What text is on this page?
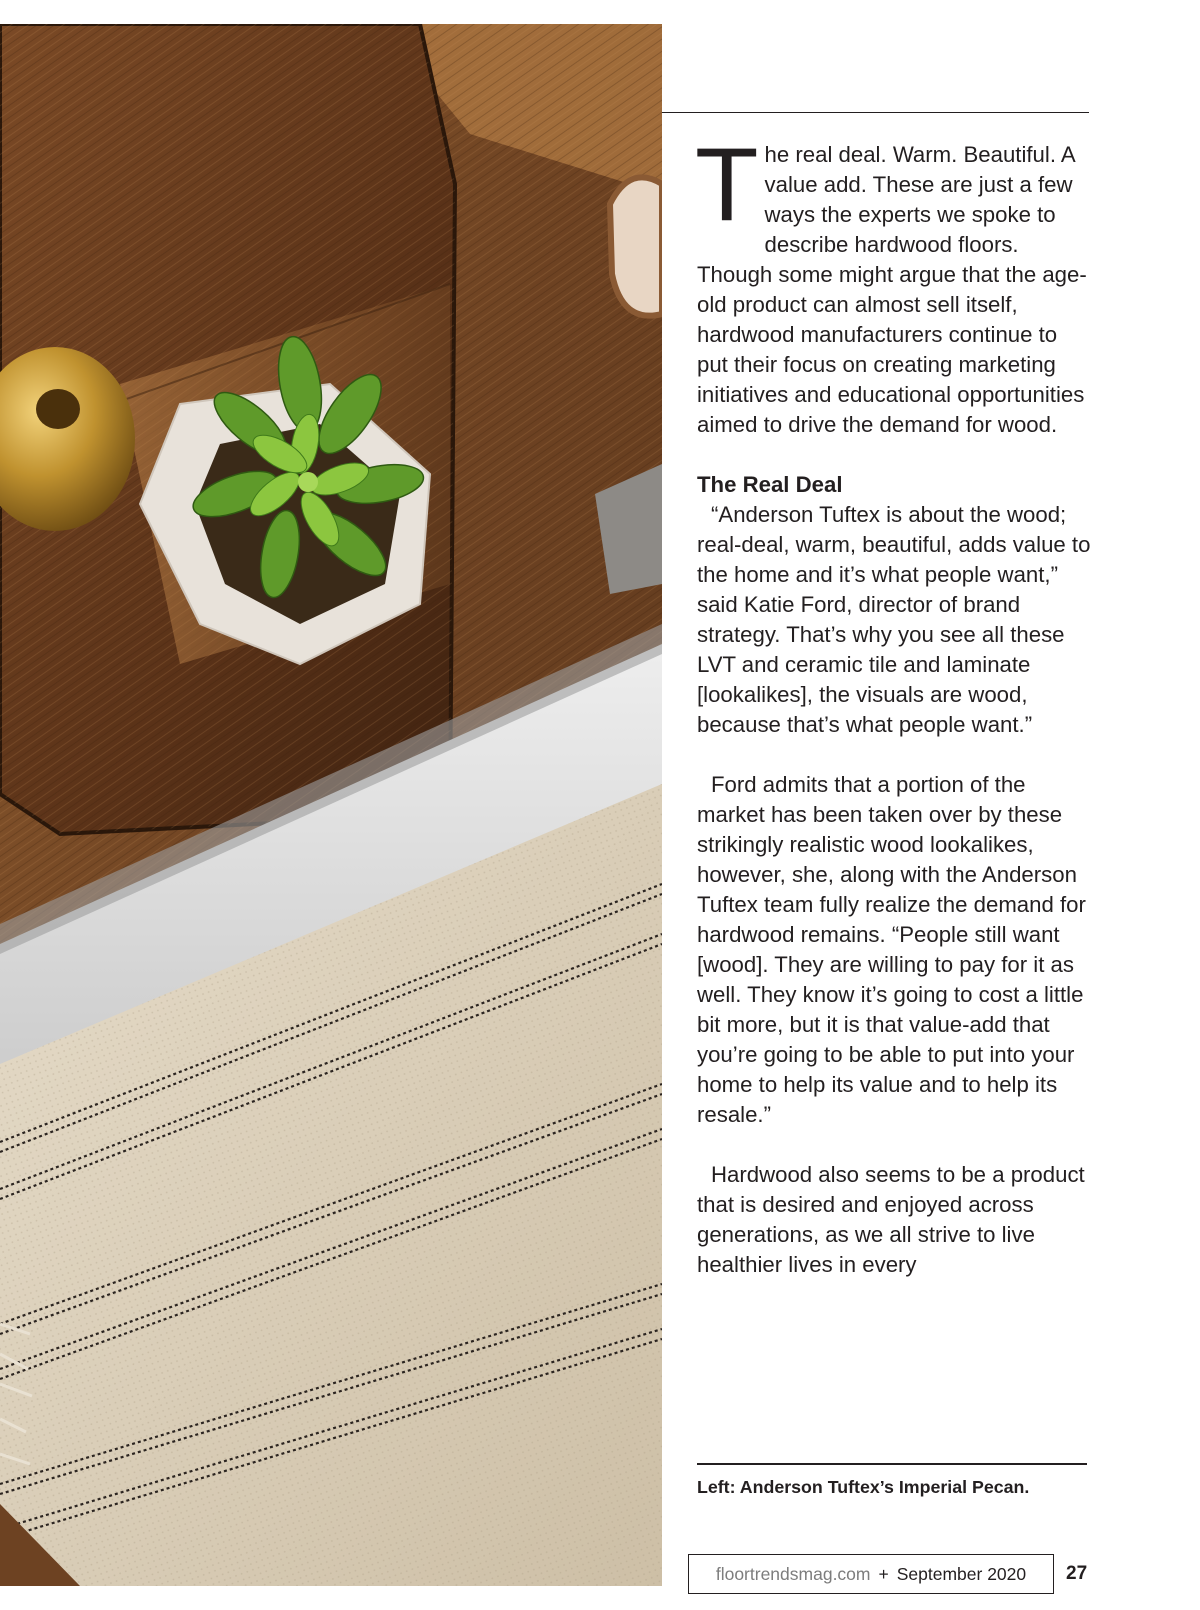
The real deal. Warm. Beautiful. A value add. These are just a few ways the experts we spoke to describe hardwood floors. Though some might argue that the age-old product can almost sell itself, hardwood manufacturers continue to put their focus on creating marketing initiatives and educational opportunities aimed to drive the demand for wood.

The Real Deal

“Anderson Tuftex is about the wood; real-deal, warm, beautiful, adds value to the home and it’s what people want,” said Katie Ford, director of brand strategy. That’s why you see all these LVT and ceramic tile and laminate [lookalikes], the visuals are wood, because that’s what people want.”

Ford admits that a portion of the market has been taken over by these strikingly realistic wood lookalikes, however, she, along with the Anderson Tuftex team fully realize the demand for hardwood remains. “People still want [wood]. They are willing to pay for it as well. They know it’s going to cost a little bit more, but it is that value-add that you’re going to be able to put into your home to help its value and to help its resale.”

Hardwood also seems to be a product that is desired and enjoyed across generations, as we all strive to live healthier lives in every

Left: Anderson Tuftex’s Imperial Pecan.
floortrendsmag.com + September 2020 27
